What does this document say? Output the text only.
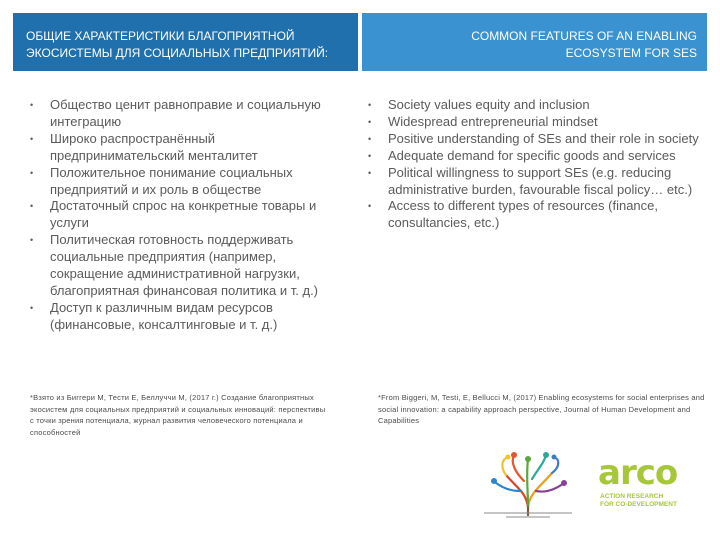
ОБЩИЕ ХАРАКТЕРИСТИКИ БЛАГОПРИЯТНОЙ
ЭКОСИСТЕМЫ ДЛЯ СОЦИАЛЬНЫХ ПРЕДПРИЯТИЙ:
COMMON FEATURES OF AN ENABLING
ECOSYSTEM FOR SES
• Общество ценит равноправие и социальную интеграцию
• Широко распространённый предпринимательский менталитет
• Положительное понимание социальных предприятий и их роль в обществе
• Достаточный спрос на конкретные товары и услуги
• Политическая готовность поддерживать социальные предприятия (например, сокращение административной нагрузки, благоприятная финансовая политика и т. д.)
• Доступ к различным видам ресурсов (финансовые, консалтинговые и т. д.)
• Society values equity and inclusion
• Widespread entrepreneurial mindset
• Positive understanding of SEs and their role in society
• Adequate demand for specific goods and services
• Political willingness to support SEs (e.g. reducing administrative burden, favourable fiscal policy… etc.)
• Access to different types of resources (finance, consultancies, etc.)
*Взято из Биггери M, Тести E, Беллуччи M, (2017 г.) Создание благоприятных экосистем для социальных предприятий и социальных инноваций: перспективы с точки зрения потенциала, журнал развития человеческого потенциала и способностей
*From Biggeri, M, Testi, E, Bellucci M, (2017) Enabling ecosystems for social enterprises and social innovation: a capability approach perspective, Journal of Human Development and Capabilities
arco
ACTION RESEARCH
FOR CO-DEVELOPMENT
